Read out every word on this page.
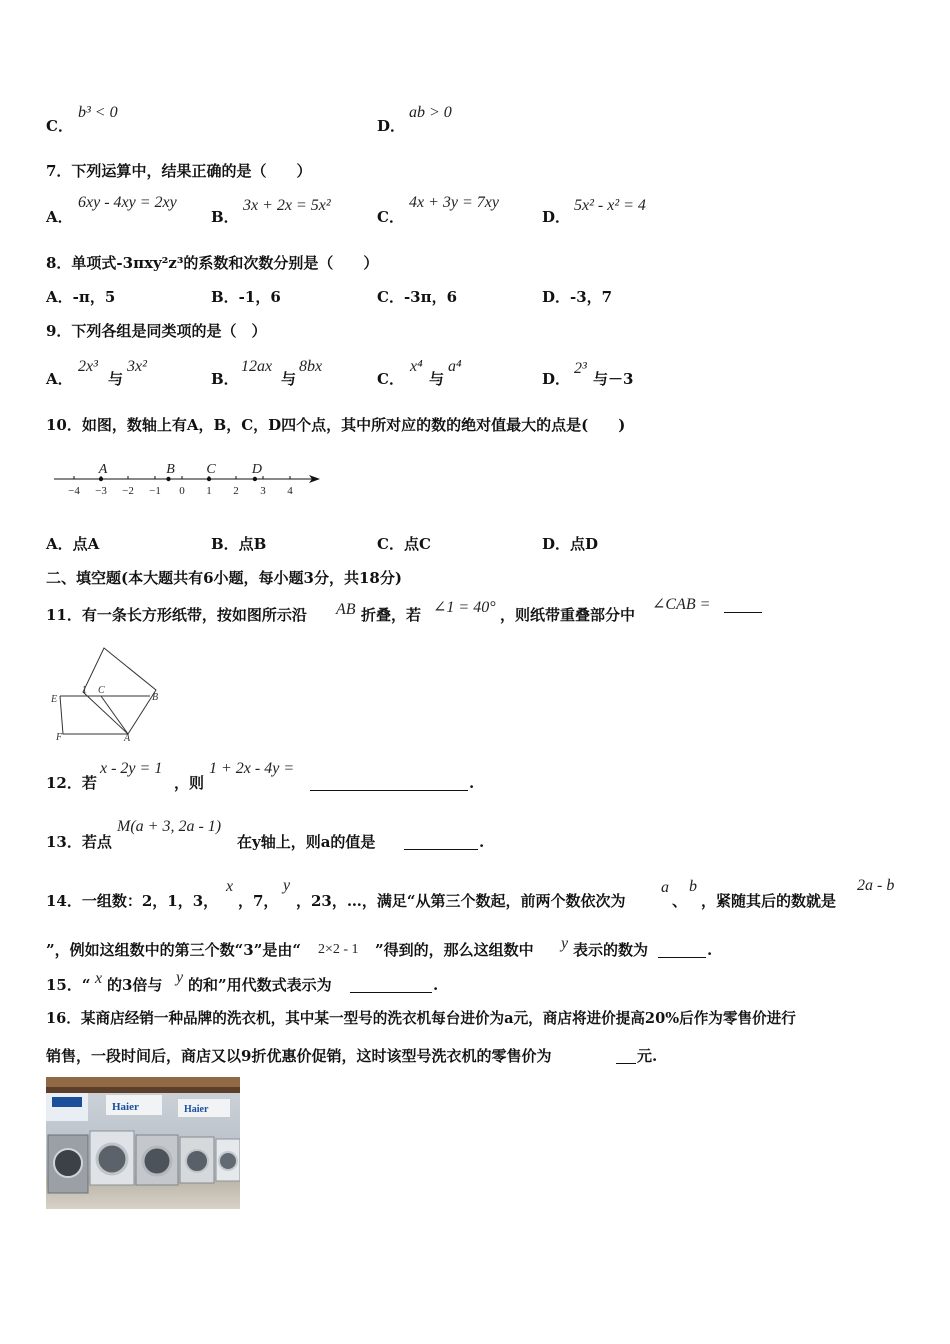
C．
b³ < 0
D．
ab > 0
7．下列运算中，结果正确的是（　　）
A．
6xy - 4xy = 2xy
B．
3x + 2x = 5x²
C．
4x + 3y = 7xy
D．
5x² - x² = 4
8．单项式-3πxy²z³的系数和次数分别是（　　）
A．-π，5	B．-1，6	C．-3π，6	D．-3，7
9．下列各组是同类项的是（　）
A．
2x³
与
3x²
B．
12ax
与
8bx
C．
x⁴
与
a⁴
D．
2³
与－3
10．如图，数轴上有A，B，C，D四个点，其中所对应的数的绝对值最大的点是(　　)
−4 −3 −2 −1 0 1 2 3 4
A	B C	D
A．点A	B．点B	C．点C	D．点D
二、填空题(本大题共有6小题，每小题3分，共18分)
11．有一条长方形纸带，按如图所示沿 AB 折叠，若 ∠1 = 40° ，则纸带重叠部分中
∠CAB =
E
1 C
B
F	A
12．若
x - 2y = 1
，则
1 + 2x - 4y =
.
13．若点
M(a + 3, 2a - 1)
在y轴上，则a的值是	.
14．一组数：2，1，3，
x
，7，
y
，23，…，满足“从第三个数起，前两个数依次为
a
、
b
，紧随其后的数就是
2a - b
”，例如这组数中的第三个数“3”是由“ 2×2 - 1 ”得到的，那么这组数中 y 表示的数为	.
15．“ x 的3倍与 y 的和”用代数式表示为	.
16．某商店经销一种品牌的洗衣机，其中某一型号的洗衣机每台进价为a元，商店将进价提高20%后作为零售价进行
销售，一段时间后，商店又以9折优惠价促销，这时该型号洗衣机的零售价为	元.
Haier	Haier
